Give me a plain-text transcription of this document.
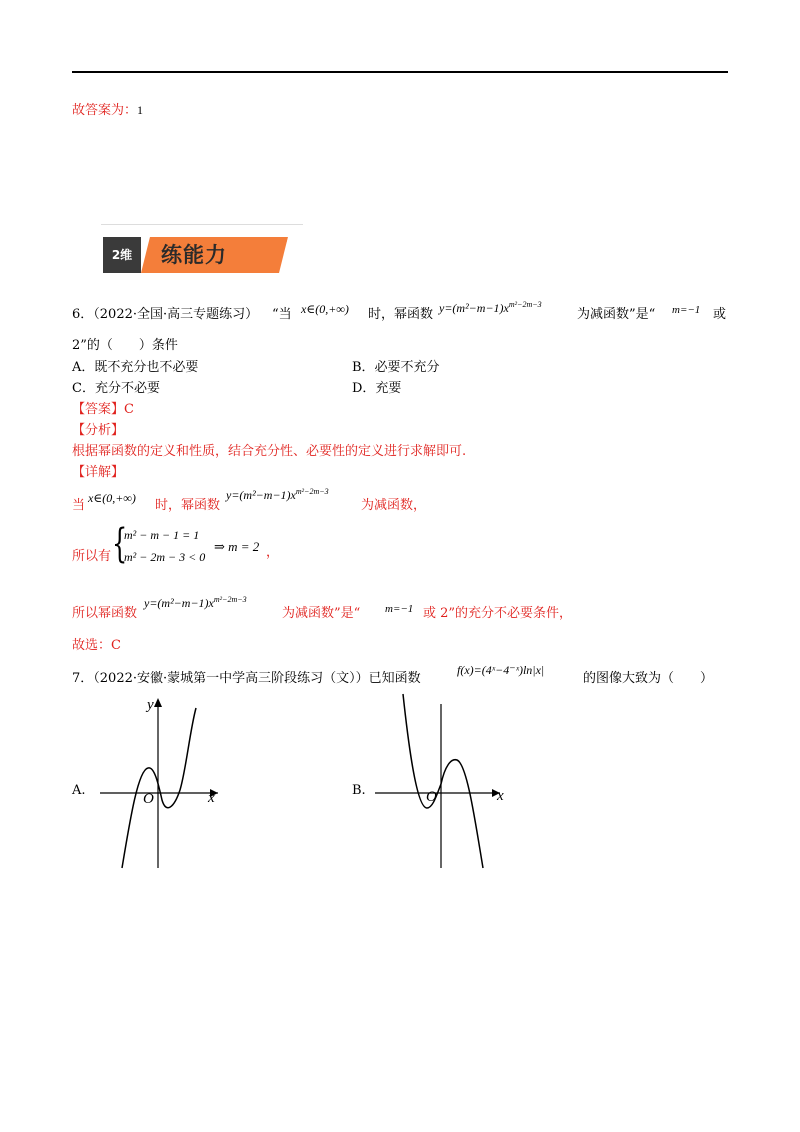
故答案为：1
2维	练能力
6．（2022·全国·高三专题练习） “当 x∈(0,+∞) 时，幂函数 $y=(m^2-m-1)x^{m^2-2m-3}$
为减函数”是“ m=−1 或
2”的（　　）条件
A．既不充分也不必要	B．必要不充分
C．充分不必要	D．充要
【答案】C
【分析】
根据幂函数的定义和性质，结合充分性、必要性的定义进行求解即可.
【详解】
当 x∈(0,+∞) 时，幂函数
$y=(m^2-m-1)x^{m^2-2m-3}$
为减函数，
所以有 {
m² − m − 1 = 1
m² − 2m − 3 < 0
⇒ m = 2 ，
所以幂函数
$y=(m^2-m-1)x^{m^2-2m-3}$
为减函数”是“ m=−1 或 2”的充分不必要条件，
故选：C
7．（2022·安徽·蒙城第一中学高三阶段练习（文））已知函数
f(x)=(4ˣ−4⁻ˣ)ln|x|
的图像大致为（　　）
A.
y
O	x	B.	O	x
